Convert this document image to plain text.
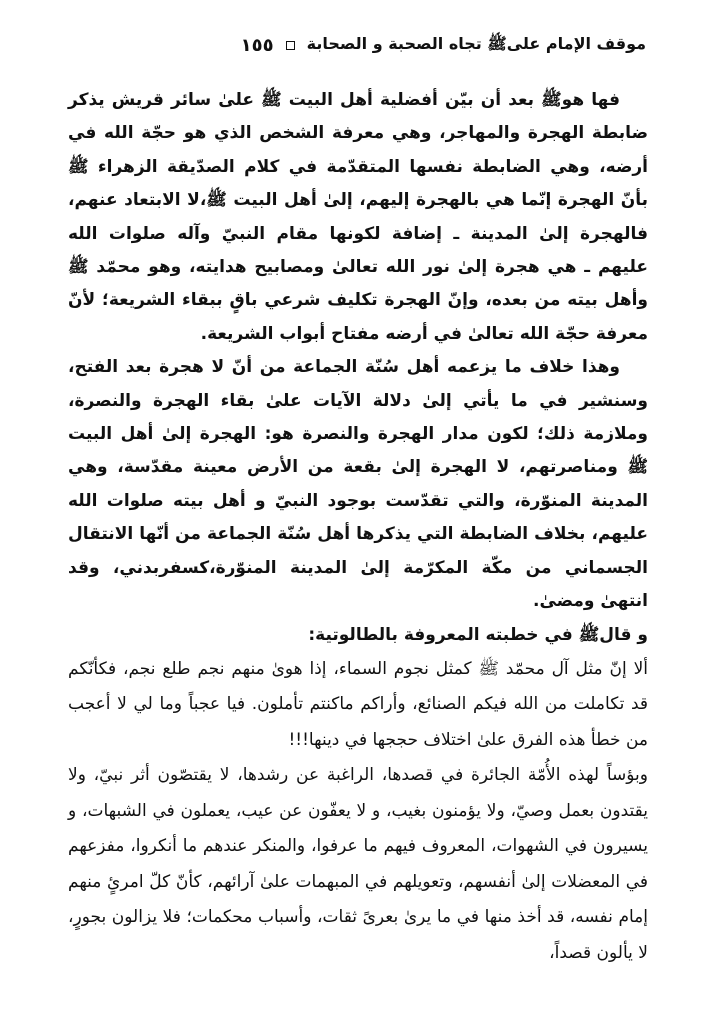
موقف الإمام علىﷺ تجاه الصحبة و الصحابة
١٥٥

فها هوﷺ بعد أن بيّن أفضلية أهل البيت ﷺ علىٰ سائر قريش يذكر ضابطة الهجرة والمهاجر، وهي معرفة الشخص الذي هو حجّة الله في أرضه، وهي الضابطة نفسها المتقدّمة في كلام الصدّيقة الزهراء ﷺ بأنّ الهجرة إنّما هي بالهجرة إليهم، إلىٰ أهل البيت ﷺ،لا الابتعاد عنهم، فالهجرة إلىٰ المدينة ـ إضافة لكونها مقام النبيّ وآله صلوات الله عليهم ـ هي هجرة إلىٰ نور الله تعالىٰ ومصابيح هدايته، وهو محمّد ﷺ وأهل بيته من بعده، وإنّ الهجرة تكليف شرعي باقٍ ببقاء الشريعة؛ لأنّ معرفة حجّة الله تعالىٰ في أرضه مفتاح أبواب الشريعة.

وهذا خلاف ما يزعمه أهل سُنّة الجماعة من أنّ لا هجرة بعد الفتح، وسنشير في ما يأتي إلىٰ دلالة الآيات علىٰ بقاء الهجرة والنصرة، وملازمة ذلك؛ لكون مدار الهجرة والنصرة هو: الهجرة إلىٰ أهل البيت ﷺ ومناصرتهم، لا الهجرة إلىٰ بقعة من الأرض معينة مقدّسة، وهي المدينة المنوّرة، والتي تقدّست بوجود النبيّ و أهل بيته صلوات الله عليهم، بخلاف الضابطة التي يذكرها أهل سُنّة الجماعة من أنّها الانتقال الجسماني من مكّة المكرّمة إلىٰ المدينة المنوّرة،كسفربدني، وقد انتهىٰ ومضىٰ.

و قالﷺ في خطبته المعروفة بالطالوتية:

ألا إنّ مثل آل محمّد ﷺ كمثل نجوم السماء، إذا هوىٰ منهم نجم طلع نجم، فكأنّكم قد تكاملت من الله فيكم الصنائع، وأراكم ماكنتم تأملون. فيا عجباً وما لي لا أعجب من خطأ هذه الفرق علىٰ اختلاف حججها في دينها!!!

وبؤساً لهذه الأُمّة الجائرة في قصدها، الراغبة عن رشدها، لا يقتصّون أثر نبيّ، ولا يقتدون بعمل وصيّ، ولا يؤمنون بغيب، و لا يعفّون عن عيب، يعملون في الشبهات، و يسيرون في الشهوات، المعروف فيهم ما عرفوا، والمنكر عندهم ما أنكروا، مفزعهم في المعضلات إلىٰ أنفسهم، وتعويلهم في المبهمات علىٰ آرائهم، كأنّ كلّ امرئٍ منهم إمام نفسه، قد أخذ منها في ما يرىٰ بعرىً ثقات، وأسباب محكمات؛ فلا يزالون بجورٍ، لا يألون قصداً،
